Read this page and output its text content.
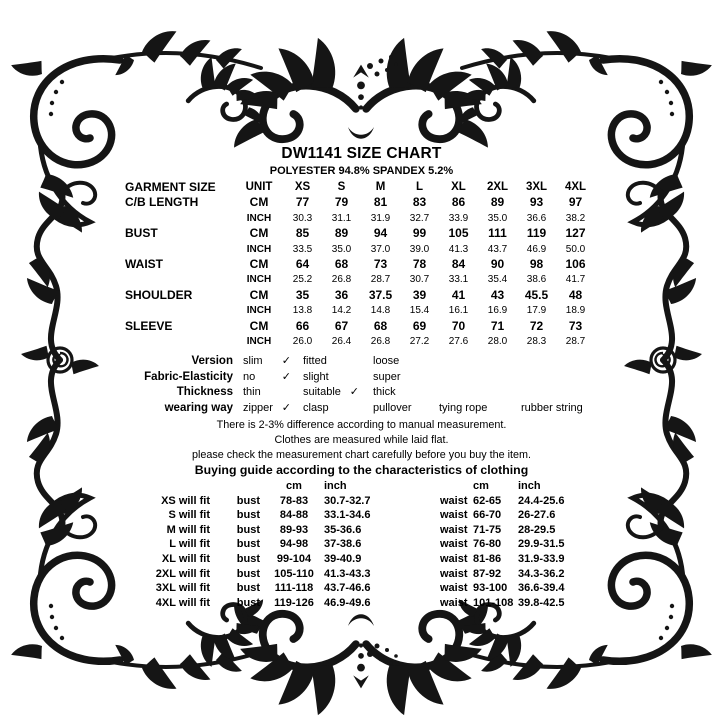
DW1141 SIZE CHART
POLYESTER 94.8% SPANDEX 5.2%
GARMENT SIZE	UNIT	XS	S	M	L	XL	2XL	3XL	4XL
C/B LENGTH	CM	77	79	81	83	86	89	93	97
	INCH	30.3	31.1	31.9	32.7	33.9	35.0	36.6	38.2
BUST	CM	85	89	94	99	105	111	119	127
	INCH	33.5	35.0	37.0	39.0	41.3	43.7	46.9	50.0
WAIST	CM	64	68	73	78	84	90	98	106
	INCH	25.2	26.8	28.7	30.7	33.1	35.4	38.6	41.7
SHOULDER	CM	35	36	37.5	39	41	43	45.5	48
	INCH	13.8	14.2	14.8	15.4	16.1	16.9	17.9	18.9
SLEEVE	CM	66	67	68	69	70	71	72	73
	INCH	26.0	26.4	26.8	27.2	27.6	28.0	28.3	28.7
Version slim ✓ fitted	loose
Fabric-Elasticity no ✓ slight	super
Thickness thin	suitable ✓ thick
wearing way zipper ✓ clasp	pullover tying rope	rubber string
There is 2-3% difference according to manual measurement.
Clothes are measured while laid flat.
please check the measurement chart carefully before you buy the item.
Buying guide according to the characteristics of clothing
cm	inch	cm	inch
XS will fit	bust	78-83	30.7-32.7	waist 62-65	24.4-25.6
S will fit	bust	84-88	33.1-34.6	waist 66-70	26-27.6
M will fit	bust	89-93	35-36.6	waist 71-75	28-29.5
L will fit	bust	94-98	37-38.6	waist 76-80	29.9-31.5
XL will fit	bust	99-104	39-40.9	waist 81-86	31.9-33.9
2XL will fit	bust	105-110 41.3-43.3	waist 87-92	34.3-36.2
3XL will fit	bust	111-118 43.7-46.6	waist 93-100 36.6-39.4
4XL will fit	bust	119-126 46.9-49.6	waist 101-108 39.8-42.5
